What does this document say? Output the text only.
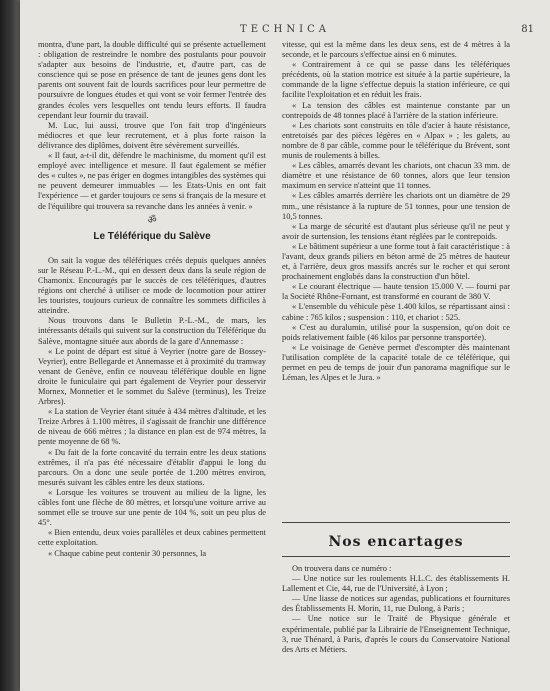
TECHNICA	81

montra, d'une part, la double difficulté qui se présente actuellement : obligation de restreindre le nombre des postulants pour pouvoir s'adapter aux besoins de l'industrie, et, d'autre part, cas de conscience qui se pose en présence de tant de jeunes gens dont les parents ont souvent fait de lourds sacrifices pour leur permettre de poursuivre de longues études et qui vont se voir fermer l'entrée des grandes écoles vers lesquelles ont tendu leurs efforts. Il faudra cependant leur fournir du travail.

M. Luc, lui aussi, trouve que l'on fait trop d'ingénieurs médiocres et que leur recrutement, et à plus forte raison la délivrance des diplômes, doivent être sévèrement surveillés.

« Il faut, a-t-il dit, défendre le machinisme, du moment qu'il est employé avec intelligence et mesure. Il faut également se méfier des « cultes », ne pas ériger en dogmes intangibles des systèmes qui ne peuvent demeurer immuables — les Etats-Unis en ont fait l'expérience — et garder toujours ce sens si français de la mesure et de l'équilibre qui trouvera sa revanche dans les années à venir. »

ॐ
Le Téléférique du Salève

On sait la vogue des téléfériques créés depuis quelques années sur le Réseau P.-L.-M., qui en dessert deux dans la seule région de Chamonix. Encouragés par le succès de ces téléfériques, d'autres régions ont cherché à utiliser ce mode de locomotion pour attirer les touristes, toujours curieux de connaître les sommets difficiles à atteindre.

Nous trouvons dans le Bulletin P.-L.-M., de mars, les intéressants détails qui suivent sur la construction du Téléférique du Salève, montagne située aux abords de la gare d'Annemasse :

« Le point de départ est situé à Veyrier (notre gare de Bossey-Veyrier), entre Bellegarde et Annemasse et à proximité du tramway venant de Genève, enfin ce nouveau téléférique double en ligne droite le funiculaire qui part également de Veyrier pour desservir Mornex, Monnetier et le sommet du Salève (terminus), les Treize Arbres).

« La station de Veyrier étant située à 434 mètres d'altitude, et les Treize Arbres à 1.100 mètres, il s'agissait de franchir une différence de niveau de 666 mètres ; la distance en plan est de 974 mètres, la pente moyenne de 68 %.

« Du fait de la forte concavité du terrain entre les deux stations extrêmes, il n'a pas été nécessaire d'établir d'appui le long du parcours. On a donc une seule portée de 1.200 mètres environ, mesurés suivant les câbles entre les deux stations.

« Lorsque les voitures se trouvent au milieu de la ligne, les câbles font une flèche de 80 mètres, et lorsqu'une voiture arrive au sommet elle se trouve sur une pente de 104 %, soit un peu plus de 45°.

« Bien entendu, deux voies parallèles et deux cabines permettent cette exploitation.

« Chaque cabine peut contenir 30 personnes, la

vitesse, qui est la même dans les deux sens, est de 4 mètres à la seconde, et le parcours s'effectue ainsi en 6 minutes.

« Contrairement à ce qui se passe dans les téléfériques précédents, où la station motrice est située à la partie supérieure, la commande de la ligne s'effectue depuis la station inférieure, ce qui facilite l'exploitation et en réduit les frais.

« La tension des câbles est maintenue constante par un contrepoids de 48 tonnes placé à l'arrière de la station inférieure.

« Les chariots sont construits en tôle d'acier à haute résistance, entretoisés par des pièces légères en « Alpax » ; les galets, au nombre de 8 par câble, comme pour le téléférique du Brévent, sont munis de roulements à billes.

« Les câbles, amarrés devant les chariots, ont chacun 33 mm. de diamètre et une résistance de 60 tonnes, alors que leur tension maximum en service n'atteint que 11 tonnes.

« Les câbles amarrés derrière les chariots ont un diamètre de 29 mm., une résistance à la rupture de 51 tonnes, pour une tension de 10,5 tonnes.

« La marge de sécurité est d'autant plus sérieuse qu'il ne peut y avoir de surtension, les tensions étant réglées par le contrepoids.

« Le bâtiment supérieur a une forme tout à fait caractéristique : à l'avant, deux grands piliers en béton armé de 25 mètres de hauteur et, à l'arrière, deux gros massifs ancrés sur le rocher et qui seront prochainement englobés dans la construction d'un hôtel.

« Le courant électrique — haute tension 15.000 V. — fourni par la Société Rhône-Fornant, est transformé en courant de 380 V.

« L'ensemble du véhicule pèse 1.400 kilos, se répartissant ainsi : cabine : 765 kilos ; suspension : 110, et chariot : 525.

« C'est au duralumin, utilisé pour la suspension, qu'on doit ce poids relativement faible (46 kilos par personne transportée).

« Le voisinage de Genève permet d'escompter dès maintenant l'utilisation complète de la capacité totale de ce téléférique, qui permet en peu de temps de jouir d'un panorama magnifique sur le Léman, les Alpes et le Jura. »

Nos encartages

On trouvera dans ce numéro :

— Une notice sur les roulements H.L.C. des établissements H. Lallement et Cie, 44, rue de l'Université, à Lyon ;

— Une liasse de notices sur agendas, publications et fournitures des Établissements H. Morin, 11, rue Dulong, à Paris ;

— Une notice sur le Traité de Physique générale et expérimentale, publié par la Librairie de l'Enseignement Technique, 3, rue Thénard, à Paris, d'après le cours du Conservatoire National des Arts et Métiers.
